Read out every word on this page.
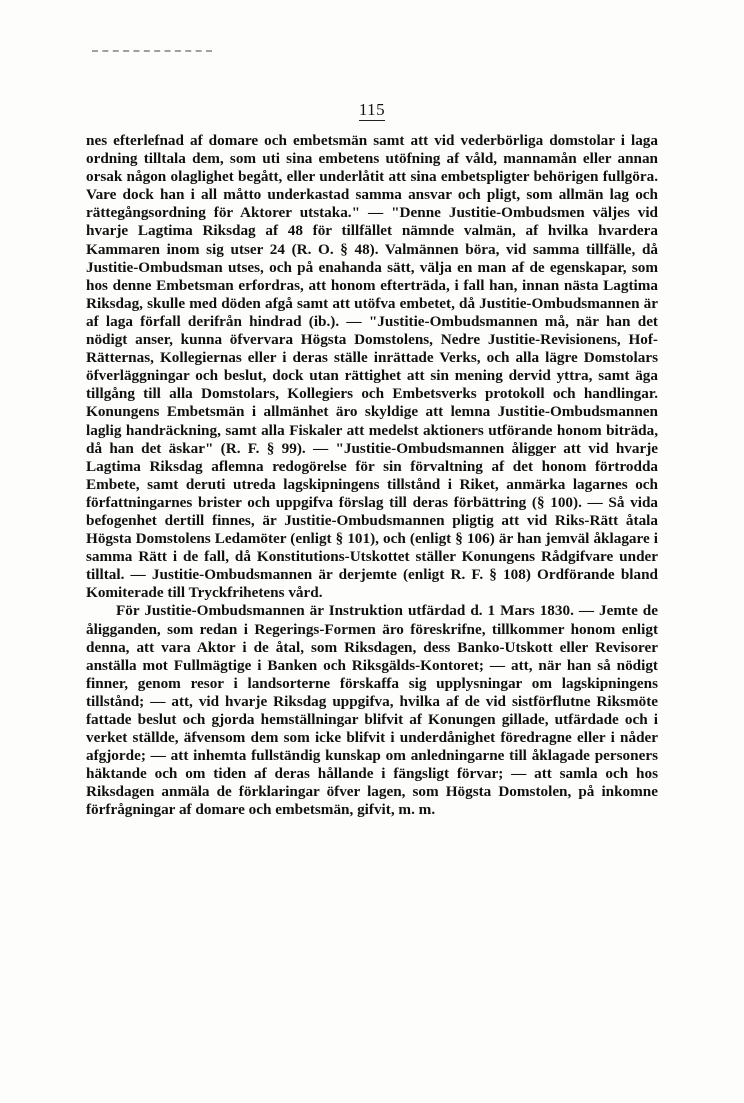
115

nes efterlefnad af domare och embetsmän samt att vid vederbörliga domstolar i laga ordning tilltala dem, som uti sina embetens utöfning af våld, mannamån eller annan orsak någon olaglighet begått, eller underlåtit att sina embetspligter behörigen fullgöra. Vare dock han i all måtto underkastad samma ansvar och pligt, som allmän lag och rättegångsordning för Aktorer utstaka." — "Denne Justitie-Ombudsmen väljes vid hvarje Lagtima Riksdag af 48 för tillfället nämnde valmän, af hvilka hvardera Kammaren inom sig utser 24 (R. O. § 48). Valmännen böra, vid samma tillfälle, då Justitie-Ombudsman utses, och på enahanda sätt, välja en man af de egenskapar, som hos denne Embetsman erfordras, att honom efterträda, i fall han, innan nästa Lagtima Riksdag, skulle med döden afgå samt att utöfva embetet, då Justitie-Ombudsmannen är af laga förfall derifrån hindrad (ib.). — "Justitie-Ombudsmannen må, när han det nödigt anser, kunna öfvervara Högsta Domstolens, Nedre Justitie-Revisionens, Hof-Rätternas, Kollegiernas eller i deras ställe inrättade Verks, och alla lägre Domstolars öfverläggningar och beslut, dock utan rättighet att sin mening dervid yttra, samt äga tillgång till alla Domstolars, Kollegiers och Embetsverks protokoll och handlingar. Konungens Embetsmän i allmänhet äro skyldige att lemna Justitie-Ombudsmannen laglig handräckning, samt alla Fiskaler att medelst aktioners utförande honom biträda, då han det äskar" (R. F. § 99). — "Justitie-Ombudsmannen åligger att vid hvarje Lagtima Riksdag aflemna redogörelse för sin förvaltning af det honom förtrodda Embete, samt deruti utreda lagskipningens tillstånd i Riket, anmärka lagarnes och författningarnes brister och uppgifva förslag till deras förbättring (§ 100). — Så vida befogenhet dertill finnes, är Justitie-Ombudsmannen pligtig att vid Riks-Rätt åtala Högsta Domstolens Ledamöter (enligt § 101), och (enligt § 106) är han jemväl åklagare i samma Rätt i de fall, då Konstitutions-Utskottet ställer Konungens Rådgifvare under tilltal. — Justitie-Ombudsmannen är derjemte (enligt R. F. § 108) Ordförande bland Komiterade till Tryckfrihetens vård.

För Justitie-Ombudsmannen är Instruktion utfärdad d. 1 Mars 1830. — Jemte de åligganden, som redan i Regerings-Formen äro föreskrifne, tillkommer honom enligt denna, att vara Aktor i de åtal, som Riksdagen, dess Banko-Utskott eller Revisorer anställa mot Fullmägtige i Banken och Riksgälds-Kontoret; — att, när han så nödigt finner, genom resor i landsorterne förskaffa sig upplysningar om lagskipningens tillstånd; — att, vid hvarje Riksdag uppgifva, hvilka af de vid sistförflutne Riksmöte fattade beslut och gjorda hemställningar blifvit af Konungen gillade, utfärdade och i verket ställde, äfvensom dem som icke blifvit i underdånighet föredragne eller i nåder afgjorde; — att inhemta fullständig kunskap om anledningarne till åklagade personers häktande och om tiden af deras hållande i fängsligt förvar; — att samla och hos Riksdagen anmäla de förklaringar öfver lagen, som Högsta Domstolen, på inkomne förfrågningar af domare och embetsmän, gifvit, m. m.
